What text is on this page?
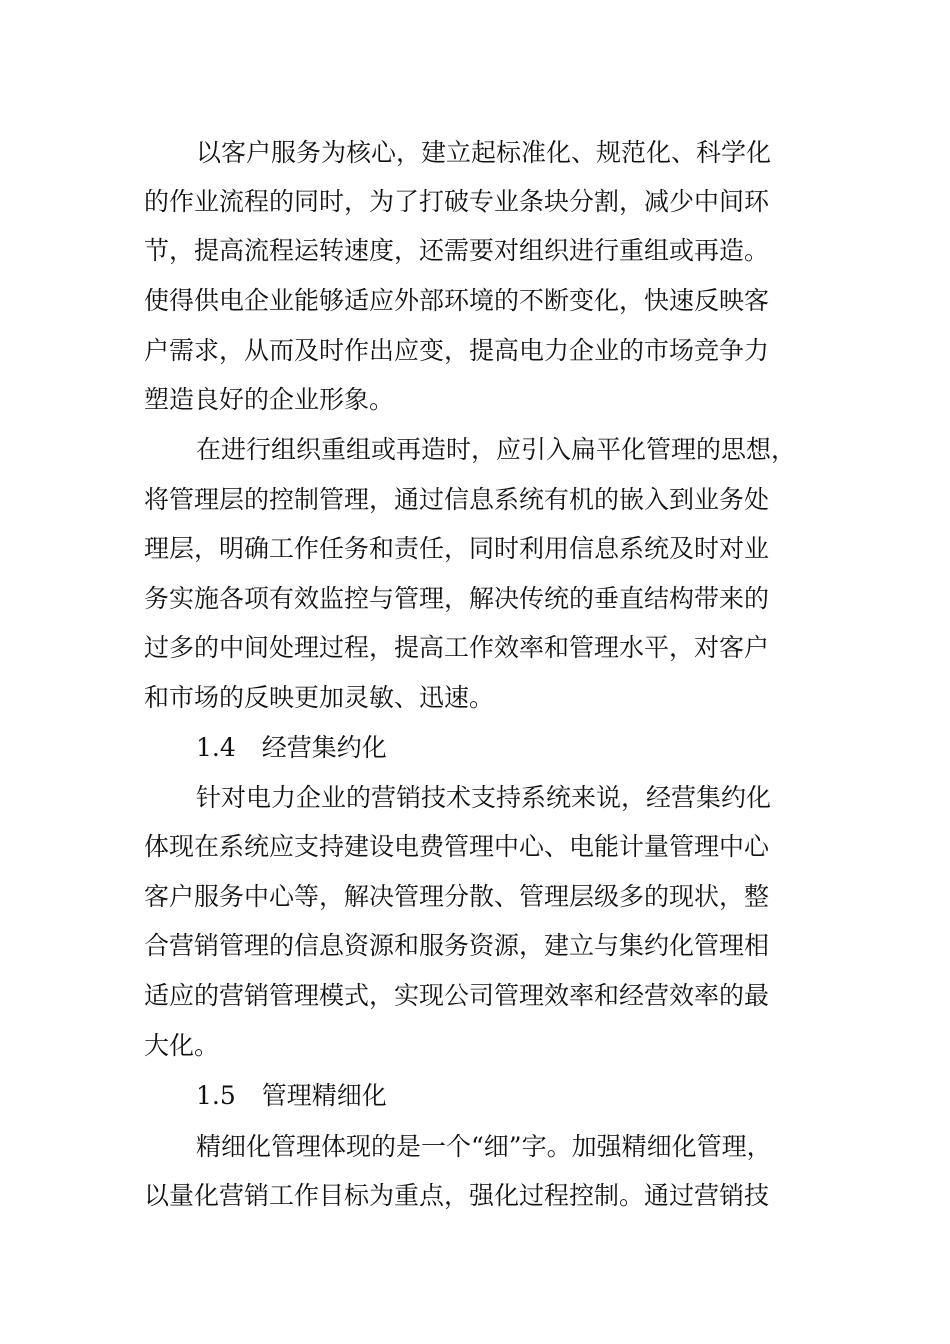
以客户服务为核心，建立起标准化、规范化、科学化

的作业流程的同时，为了打破专业条块分割，减少中间环

节，提高流程运转速度，还需要对组织进行重组或再造。

使得供电企业能够适应外部环境的不断变化，快速反映客

户需求，从而及时作出应变，提高电力企业的市场竞争力

塑造良好的企业形象。

在进行组织重组或再造时，应引入扁平化管理的思想，

将管理层的控制管理，通过信息系统有机的嵌入到业务处

理层，明确工作任务和责任，同时利用信息系统及时对业

务实施各项有效监控与管理，解决传统的垂直结构带来的

过多的中间处理过程，提高工作效率和管理水平，对客户

和市场的反映更加灵敏、迅速。

1.4 经营集约化

针对电力企业的营销技术支持系统来说，经营集约化

体现在系统应支持建设电费管理中心、电能计量管理中心

客户服务中心等，解决管理分散、管理层级多的现状，整

合营销管理的信息资源和服务资源，建立与集约化管理相

适应的营销管理模式，实现公司管理效率和经营效率的最

大化。

1.5 管理精细化

精细化管理体现的是一个“细”字。加强精细化管理，

以量化营销工作目标为重点，强化过程控制。通过营销技
